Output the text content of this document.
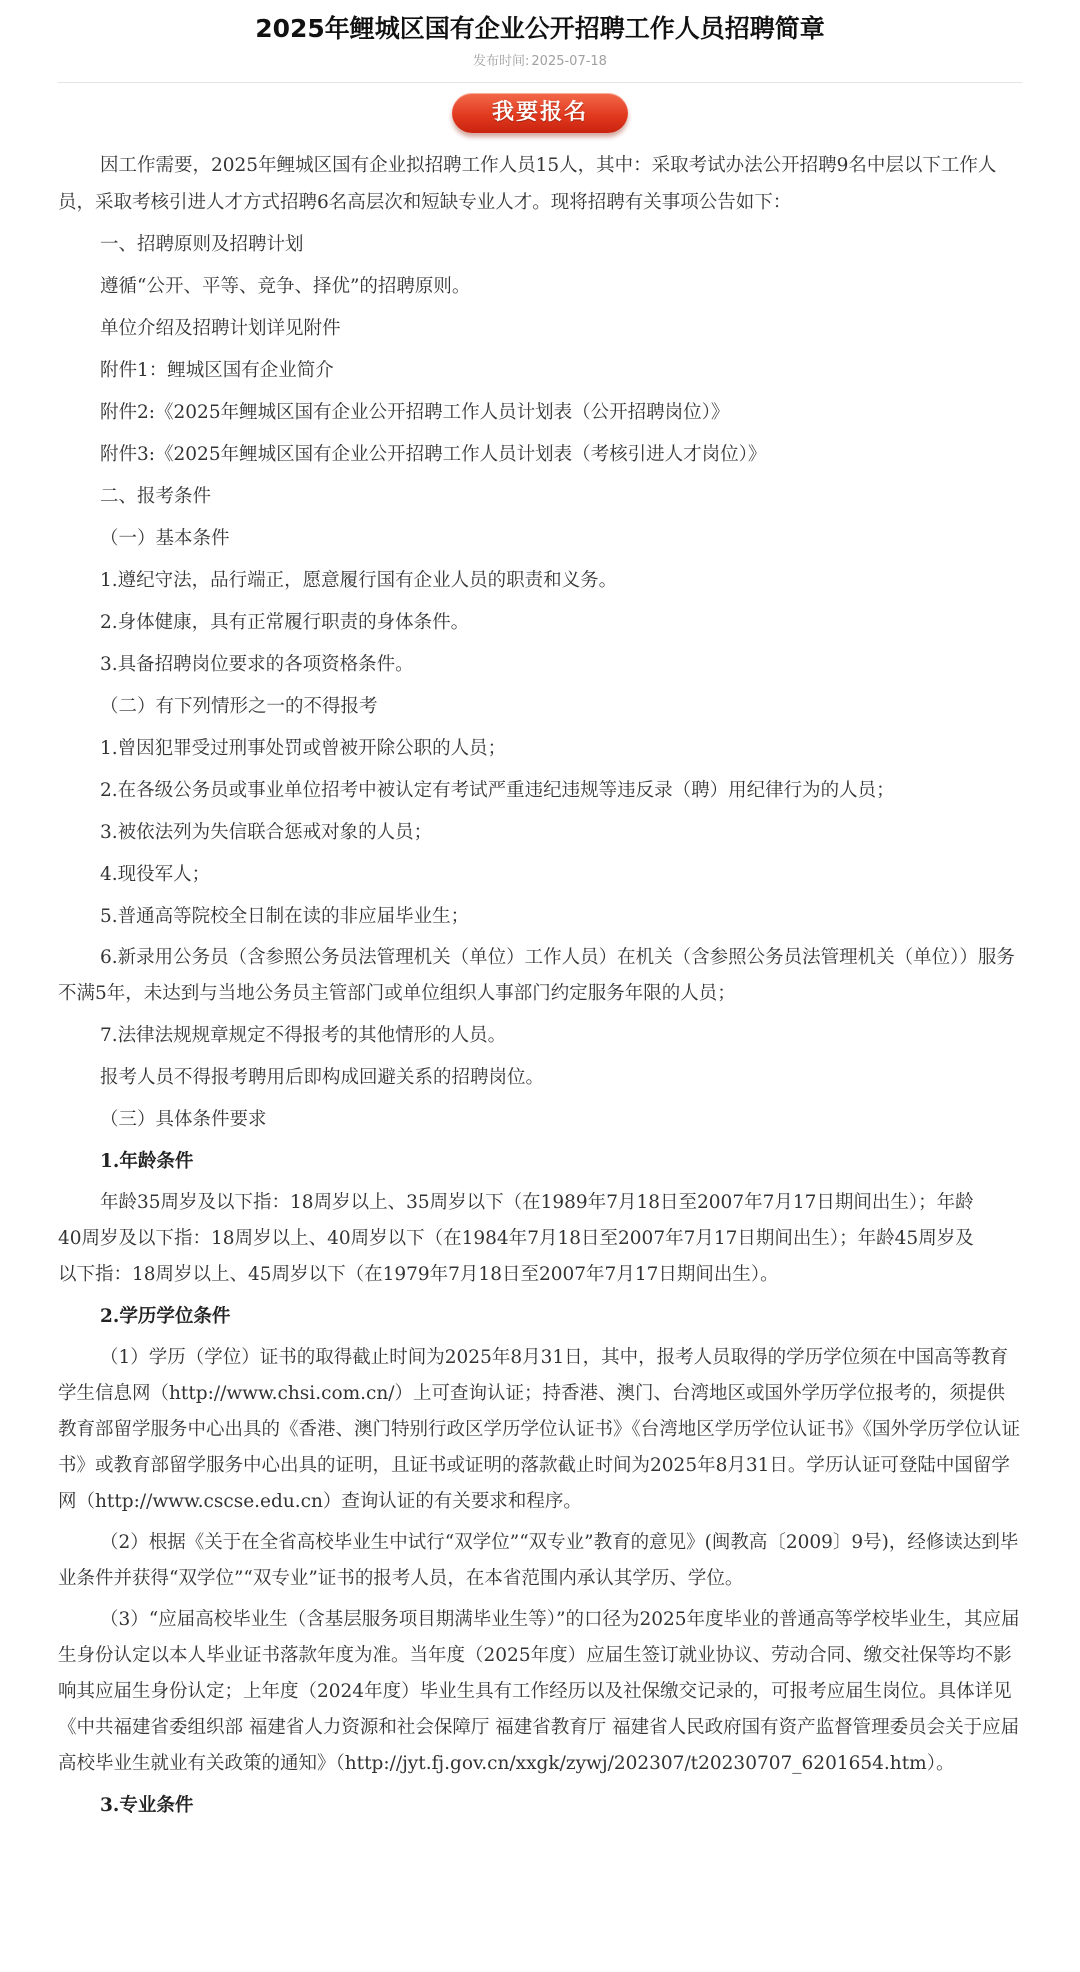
2025年鲤城区国有企业公开招聘工作人员招聘简章
发布时间: 2025-07-18
我要报名

因工作需要，2025年鲤城区国有企业拟招聘工作人员15人，其中：采取考试办法公开招聘9名中层以下工作人员，采取考核引进人才方式招聘6名高层次和短缺专业人才。现将招聘有关事项公告如下：

一、招聘原则及招聘计划

遵循“公开、平等、竞争、择优”的招聘原则。

单位介绍及招聘计划详见附件

附件1：鲤城区国有企业简介

附件2:《2025年鲤城区国有企业公开招聘工作人员计划表（公开招聘岗位）》

附件3:《2025年鲤城区国有企业公开招聘工作人员计划表（考核引进人才岗位）》

二、报考条件

（一）基本条件

1.遵纪守法，品行端正，愿意履行国有企业人员的职责和义务。

2.身体健康，具有正常履行职责的身体条件。

3.具备招聘岗位要求的各项资格条件。

（二）有下列情形之一的不得报考

1.曾因犯罪受过刑事处罚或曾被开除公职的人员；

2.在各级公务员或事业单位招考中被认定有考试严重违纪违规等违反录（聘）用纪律行为的人员；

3.被依法列为失信联合惩戒对象的人员；

4.现役军人；

5.普通高等院校全日制在读的非应届毕业生；

6.新录用公务员（含参照公务员法管理机关（单位）工作人员）在机关（含参照公务员法管理机关（单位））服务不满5年，未达到与当地公务员主管部门或单位组织人事部门约定服务年限的人员；

7.法律法规规章规定不得报考的其他情形的人员。

报考人员不得报考聘用后即构成回避关系的招聘岗位。

（三）具体条件要求

1.年龄条件

年龄35周岁及以下指：18周岁以上、35周岁以下（在1989年7月18日至2007年7月17日期间出生）；年龄40周岁及以下指：18周岁以上、40周岁以下（在1984年7月18日至2007年7月17日期间出生）；年龄45周岁及以下指：18周岁以上、45周岁以下（在1979年7月18日至2007年7月17日期间出生）。

2.学历学位条件

（1）学历（学位）证书的取得截止时间为2025年8月31日，其中，报考人员取得的学历学位须在中国高等教育学生信息网（http://www.chsi.com.cn/）上可查询认证；持香港、澳门、台湾地区或国外学历学位报考的，须提供教育部留学服务中心出具的《香港、澳门特别行政区学历学位认证书》《台湾地区学历学位认证书》《国外学历学位认证书》或教育部留学服务中心出具的证明，且证书或证明的落款截止时间为2025年8月31日。学历认证可登陆中国留学网（http://www.cscse.edu.cn）查询认证的有关要求和程序。

（2）根据《关于在全省高校毕业生中试行“双学位”“双专业”教育的意见》(闽教高〔2009〕9号)，经修读达到毕业条件并获得“双学位”“双专业”证书的报考人员，在本省范围内承认其学历、学位。

（3）“应届高校毕业生（含基层服务项目期满毕业生等）”的口径为2025年度毕业的普通高等学校毕业生，其应届生身份认定以本人毕业证书落款年度为准。当年度（2025年度）应届生签订就业协议、劳动合同、缴交社保等均不影响其应届生身份认定；上年度（2024年度）毕业生具有工作经历以及社保缴交记录的，可报考应届生岗位。具体详见《中共福建省委组织部 福建省人力资源和社会保障厅 福建省教育厅 福建省人民政府国有资产监督管理委员会关于应届高校毕业生就业有关政策的通知》（http://jyt.fj.gov.cn/xxgk/zywj/202307/t20230707_6201654.htm）。

3.专业条件
